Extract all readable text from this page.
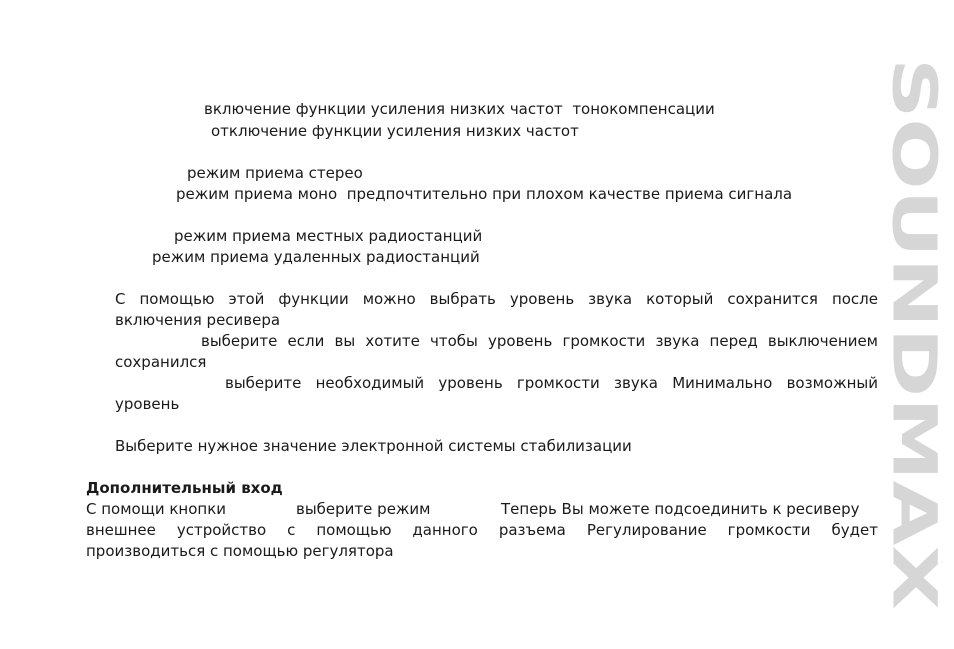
включение функции усиления низких частот  тонокомпенсации
отключение функции усиления низких частот
режим приема стерео
режим приема моно  предпочтительно при плохом качестве приема сигнала
режим приема местных радиостанций
режим приема удаленных радиостанций
С помощью этой функции можно выбрать уровень звука который сохранится после
включения ресивера
выберите если вы хотите чтобы уровень громкости звука перед выключением
сохранился
выберите необходимый уровень громкости звука Минимально возможный
уровень
Выберите нужное значение электронной системы стабилизации
Дополнительный вход
С помощи кнопки	выберите режим	Теперь Вы можете подсоединить к ресиверу
внешнее устройство с помощью данного разъема Регулирование громкости будет
производиться с помощью регулятора
SOUNDMAX
